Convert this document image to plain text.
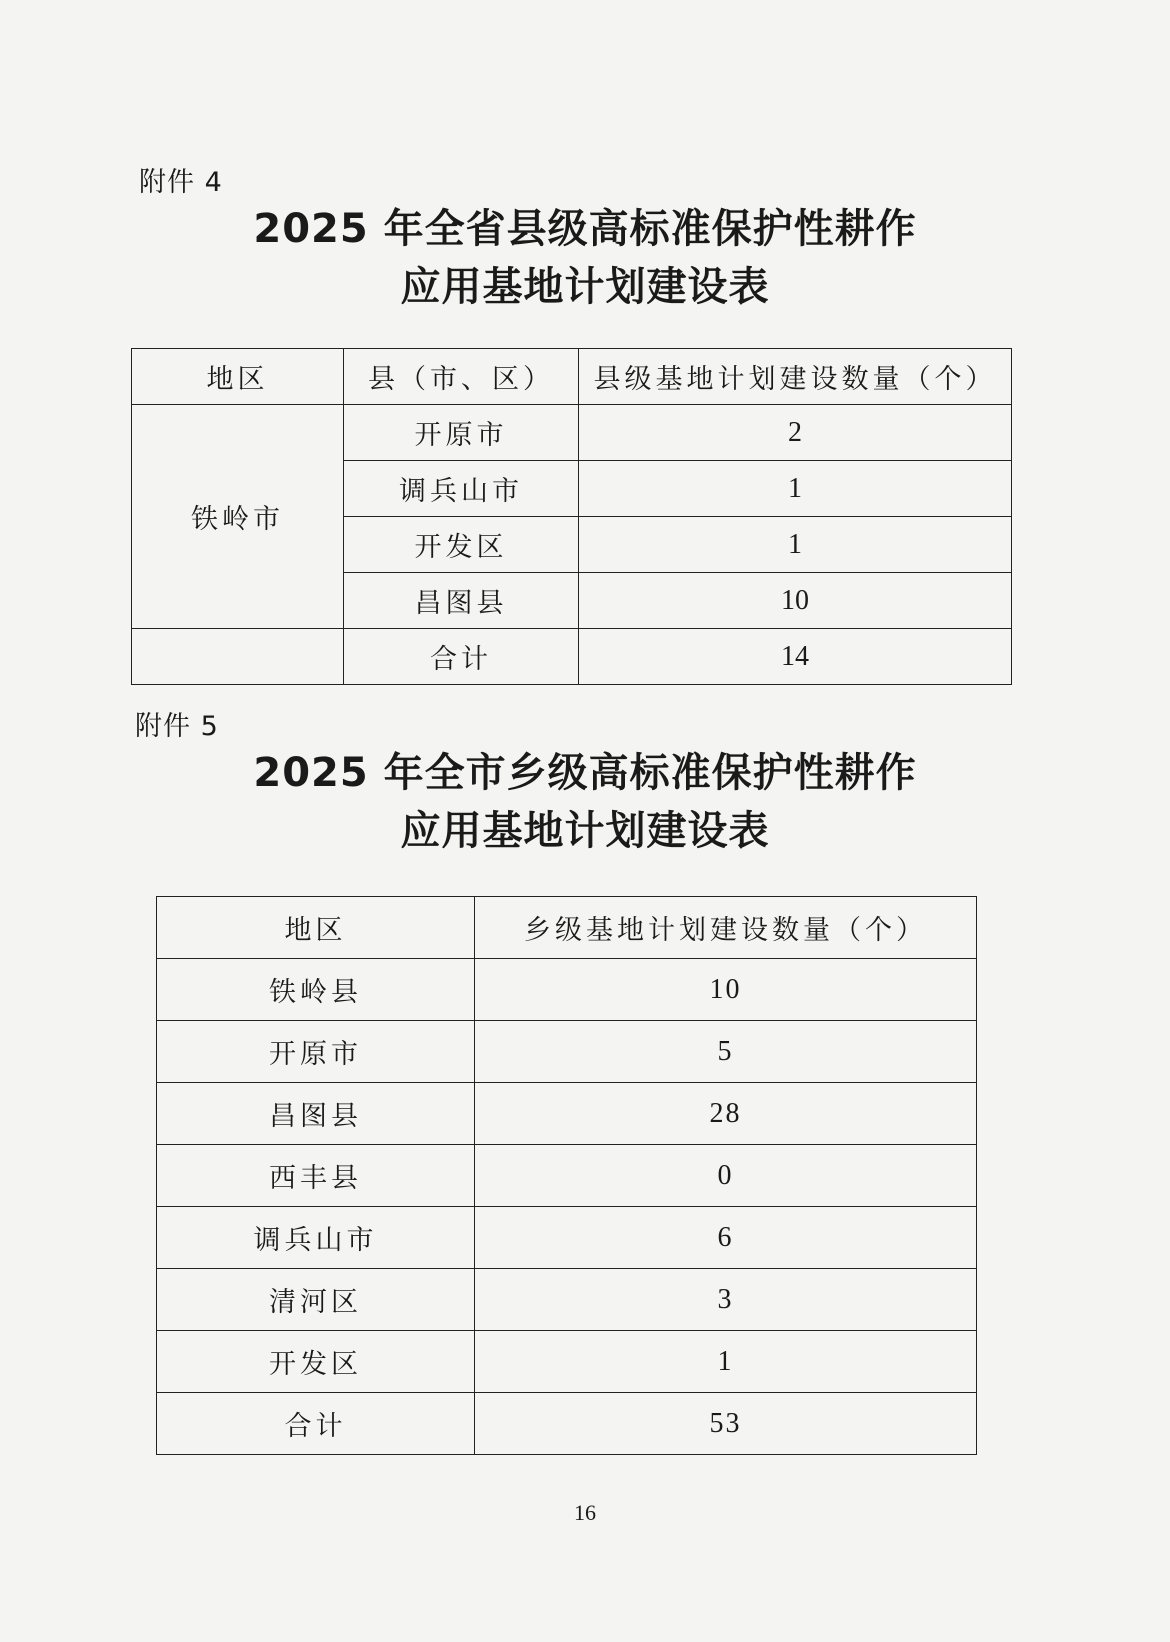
附件 4
2025 年全省县级高标准保护性耕作
应用基地计划建设表
地区	县（市、区）	县级基地计划建设数量（个）
铁岭市	开原市	2
	调兵山市	1
	开发区	1
	昌图县	10
	合计	14
附件 5
2025 年全市乡级高标准保护性耕作
应用基地计划建设表
地区	乡级基地计划建设数量（个）
铁岭县	10
开原市	5
昌图县	28
西丰县	0
调兵山市	6
清河区	3
开发区	1
合计	53
16
